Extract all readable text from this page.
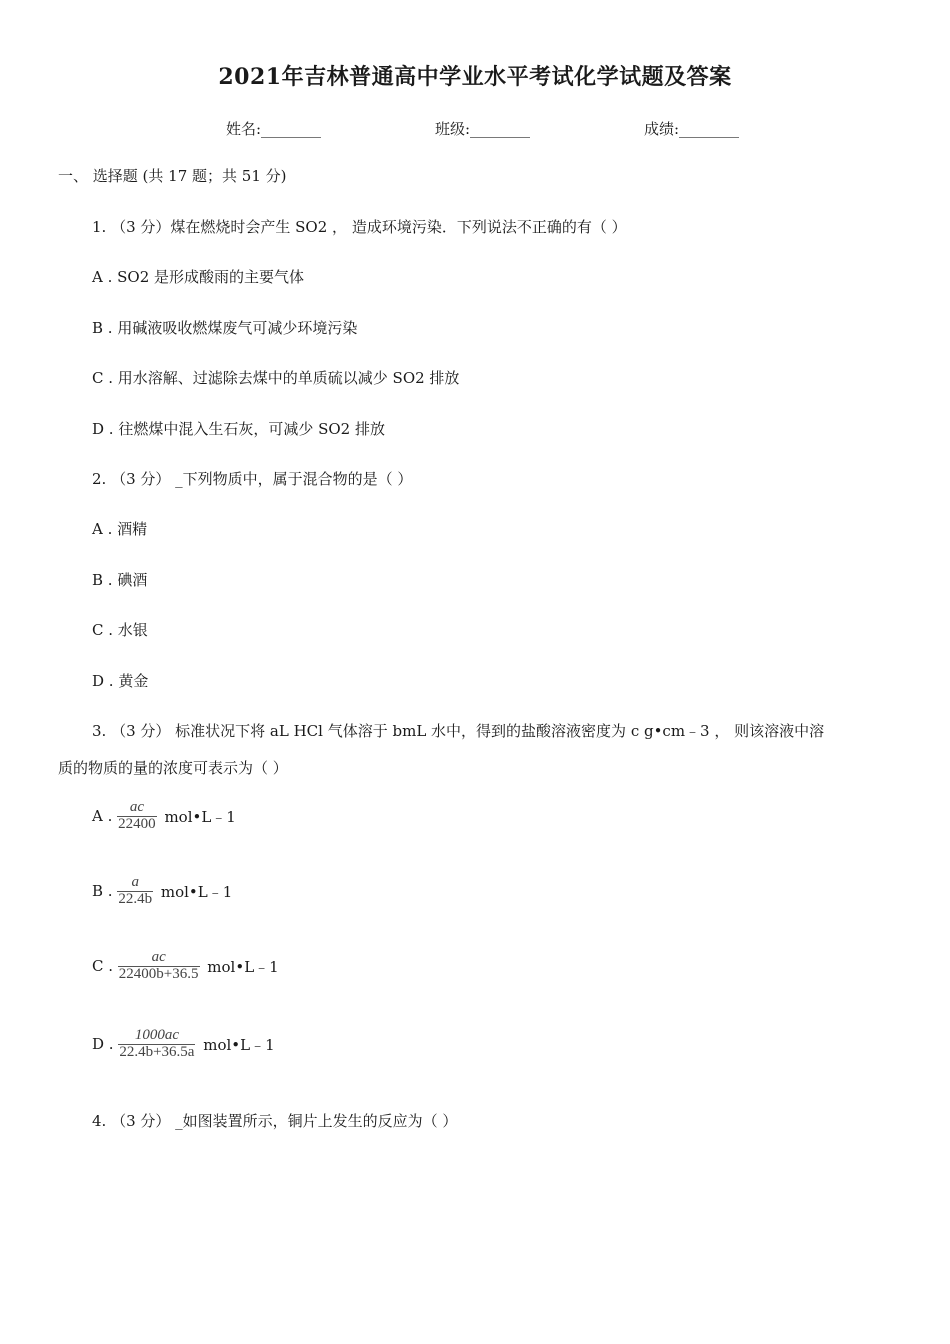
2021年吉林普通高中学业水平考试化学试题及答案
姓名:________	班级:________	成绩:________
一、 选择题 (共 17 题；共 51 分)
1. （3 分）煤在燃烧时会产生 SO2 ， 造成环境污染．下列说法不正确的有（ ）
A . SO2 是形成酸雨的主要气体
B . 用碱液吸收燃煤废气可减少环境污染
C . 用水溶解、过滤除去煤中的单质硫以减少 SO2 排放
D . 往燃煤中混入生石灰，可减少 SO2 排放
2. （3 分） _下列物质中，属于混合物的是（ ）
A . 酒精
B . 碘酒
C . 水银
D . 黄金
3. （3 分） 标准状况下将 aL HCl 气体溶于 bmL 水中，得到的盐酸溶液密度为 c g•cm﹣3 ， 则该溶液中溶
质的物质的量的浓度可表示为（ ）
A . $\frac{ac}{22400}$ mol•L﹣1
B . $\frac{a}{22.4b}$ mol•L﹣1
C . $\frac{ac}{22400b+36.5}$ mol•L﹣1
D . $\frac{1000ac}{22.4b+36.5a}$ mol•L﹣1
4. （3 分） _如图装置所示，铜片上发生的反应为（ ）
